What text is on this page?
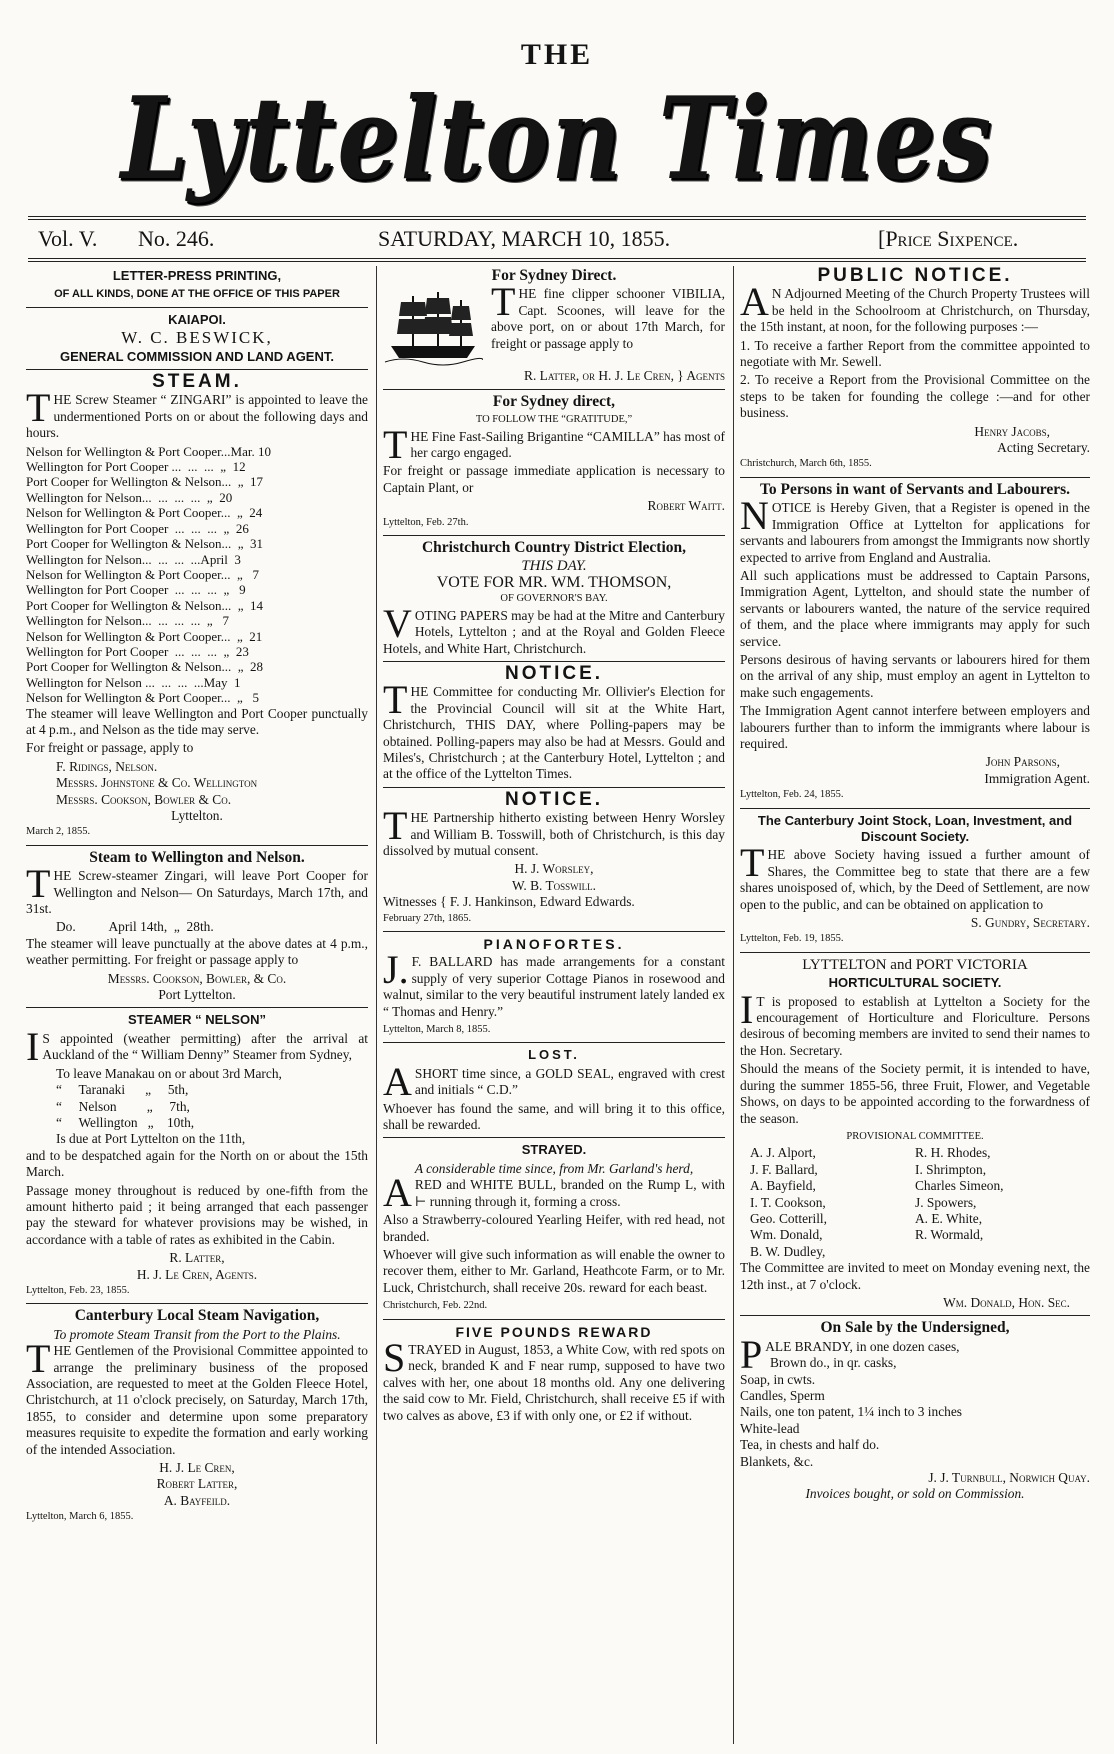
THE
Lyttelton Times
Vol. V. No. 246.	SATURDAY, MARCH 10, 1855.	[Price Sixpence.
LETTER-PRESS PRINTING,
OF ALL KINDS, DONE AT THE OFFICE OF THIS PAPER
KAIAPOI.
W. C. BESWICK,
GENERAL COMMISSION AND LAND AGENT.
STEAM.

THE Screw Steamer “ ZINGARI” is appointed to leave the undermentioned Ports on or about the following days and hours.

Nelson for Wellington & Port Cooper...Mar. 10
Wellington for Port Cooper ...  ...  ...  „  12
Port Cooper for Wellington & Nelson...  „  17
Wellington for Nelson...  ...  ...  ...  „  20
Nelson for Wellington & Port Cooper...  „  24
Wellington for Port Cooper  ...  ...  ...  „  26
Port Cooper for Wellington & Nelson...  „  31
Wellington for Nelson...  ...  ...  ...April  3
Nelson for Wellington & Port Cooper...  „   7
Wellington for Port Cooper  ...  ...  ...  „   9
Port Cooper for Wellington & Nelson...  „  14
Wellington for Nelson...  ...  ...  ...  „   7
Nelson for Wellington & Port Cooper...  „  21
Wellington for Port Cooper  ...  ...  ...  „  23
Port Cooper for Wellington & Nelson...  „  28
Wellington for Nelson ...  ...  ...  ...May  1
Nelson for Wellington & Port Cooper...  „   5

The steamer will leave Wellington and Port Cooper punctually at 4 p.m., and Nelson as the tide may serve.

For freight or passage, apply to

F. Ridings, Nelson.
Messrs. Johnstone & Co. Wellington
Messrs. Cookson, Bowler & Co.
Lyttelton.
March 2, 1855.
Steam to Wellington and Nelson.

THE Screw-steamer Zingari, will leave Port Cooper for Wellington and Nelson— On Saturdays, March 17th, and 31st.

Do.          April 14th,  „  28th.

The steamer will leave punctually at the above dates at 4 p.m., weather permitting. For freight or passage apply to

Messrs. Cookson, Bowler, & Co.
Port Lyttelton.
STEAMER “ NELSON”

IS appointed (weather permitting) after the arrival at Auckland of the “ William Denny” Steamer from Sydney,

To leave Manakau on or about 3rd March,
“     Taranaki      „     5th,
“     Nelson         „     7th,
“     Wellington   „    10th,
Is due at Port Lyttelton on the 11th,

and to be despatched again for the North on or about the 15th March.

Passage money throughout is reduced by one-fifth from the amount hitherto paid ; it being arranged that each passenger pay the steward for whatever provisions may be wished, in accordance with a table of rates as exhibited in the Cabin.

R. Latter,
H. J. Le Cren, Agents.
Lyttelton, Feb. 23, 1855.
Canterbury Local Steam Navigation,
To promote Steam Transit from the Port to the Plains.

THE Gentlemen of the Provisional Committee appointed to arrange the preliminary business of the proposed Association, are requested to meet at the Golden Fleece Hotel, Christchurch, at 11 o'clock precisely, on Saturday, March 17th, 1855, to consider and determine upon some preparatory measures requisite to expedite the formation and early working of the intended Association.

H. J. Le Cren,
Robert Latter,
A. Bayfeild.
Lyttelton, March 6, 1855.
For Sydney Direct.

THE fine clipper schooner VIBILIA, Capt. Scoones, will leave for the above port, on or about 17th March, for freight or passage apply to

R. Latter, or H. J. Le Cren, } Agents
For Sydney direct,
TO FOLLOW THE “GRATITUDE,”

THE Fine Fast-Sailing Brigantine “CAMILLA” has most of her cargo engaged.

For freight or passage immediate application is necessary to Captain Plant, or

Robert Waitt.
Lyttelton, Feb. 27th.
Christchurch Country District Election,
THIS DAY.
VOTE FOR MR. WM. THOMSON,
OF GOVERNOR'S BAY.

VOTING PAPERS may be had at the Mitre and Canterbury Hotels, Lyttelton ; and at the Royal and Golden Fleece Hotels, and White Hart, Christchurch.

NOTICE.

THE Committee for conducting Mr. Ollivier's Election for the Provincial Council will sit at the White Hart, Christchurch, THIS DAY, where Polling-papers may be obtained. Polling-papers may also be had at Messrs. Gould and Miles's, Christchurch ; at the Canterbury Hotel, Lyttelton ; and at the office of the Lyttelton Times.

NOTICE.

THE Partnership hitherto existing between Henry Worsley and William B. Tosswill, both of Christchurch, is this day dissolved by mutual consent.

H. J. Worsley,
W. B. Tosswill.
Witnesses { F. J. Hankinson, Edward Edwards.
February 27th, 1865.
PIANOFORTES.

J.F. BALLARD has made arrangements for a constant supply of very superior Cottage Pianos in rosewood and walnut, similar to the very beautiful instrument lately landed ex “ Thomas and Henry.”

Lyttelton, March 8, 1855.
LOST.

ASHORT time since, a GOLD SEAL, engraved with crest and initials “ C.D.”

Whoever has found the same, and will bring it to this office, shall be rewarded.

STRAYED.
A considerable time since, from Mr. Garland's herd,

ARED and WHITE BULL, branded on the Rump L, with ⊢ running through it, forming a cross.

Also a Strawberry-coloured Yearling Heifer, with red head, not branded.

Whoever will give such information as will enable the owner to recover them, either to Mr. Garland, Heathcote Farm, or to Mr. Luck, Christchurch, shall receive 20s. reward for each beast.

Christchurch, Feb. 22nd.
FIVE POUNDS REWARD

STRAYED in August, 1853, a White Cow, with red spots on neck, branded K and F near rump, supposed to have two calves with her, one about 18 months old. Any one delivering the said cow to Mr. Field, Christchurch, shall receive £5 if with two calves as above, £3 if with only one, or £2 if without.

PUBLIC NOTICE.

AN Adjourned Meeting of the Church Property Trustees will be held in the Schoolroom at Christchurch, on Thursday, the 15th instant, at noon, for the following purposes :—

1. To receive a farther Report from the committee appointed to negotiate with Mr. Sewell.

2. To receive a Report from the Provisional Committee on the steps to be taken for founding the college :—and for other business.

Henry Jacobs,
Acting Secretary.
Christchurch, March 6th, 1855.
To Persons in want of Servants and Labourers.

NOTICE is Hereby Given, that a Register is opened in the Immigration Office at Lyttelton for applications for servants and labourers from amongst the Immigrants now shortly expected to arrive from England and Australia.

All such applications must be addressed to Captain Parsons, Immigration Agent, Lyttelton, and should state the number of servants or labourers wanted, the nature of the service required of them, and the place where immigrants may apply for such service.

Persons desirous of having servants or labourers hired for them on the arrival of any ship, must employ an agent in Lyttelton to make such engagements.

The Immigration Agent cannot interfere between employers and labourers further than to inform the immigrants where labour is required.

John Parsons,
Immigration Agent.
Lyttelton, Feb. 24, 1855.
The Canterbury Joint Stock, Loan, Investment, and Discount Society.

THE above Society having issued a further amount of Shares, the Committee beg to state that there are a few shares unoisposed of, which, by the Deed of Settlement, are now open to the public, and can be obtained on application to

S. Gundry, Secretary.
Lyttelton, Feb. 19, 1855.
LYTTELTON and PORT VICTORIA
HORTICULTURAL SOCIETY.

IT is proposed to establish at Lyttelton a Society for the encouragement of Horticulture and Floriculture. Persons desirous of becoming members are invited to send their names to the Hon. Secretary.

Should the means of the Society permit, it is intended to have, during the summer 1855-56, three Fruit, Flower, and Vegetable Shows, on days to be appointed according to the forwardness of the season.

PROVISIONAL COMMITTEE.
A. J. Alport,	R. H. Rhodes,
J. F. Ballard,	I. Shrimpton,
A. Bayfield,	Charles Simeon,
I. T. Cookson,	J. Spowers,
Geo. Cotterill,	A. E. White,
Wm. Donald,	R. Wormald,
B. W. Dudley,

The Committee are invited to meet on Monday evening next, the 12th inst., at 7 o'clock.

Wm. Donald, Hon. Sec.
On Sale by the Undersigned,
PALE BRANDY, in one dozen cases,
Brown do., in qr. casks,
Soap, in cwts.
Candles, Sperm
Nails, one ton patent, 1¼ inch to 3 inches
White-lead
Tea, in chests and half do.
Blankets, &c.
J. J. Turnbull, Norwich Quay.
Invoices bought, or sold on Commission.
